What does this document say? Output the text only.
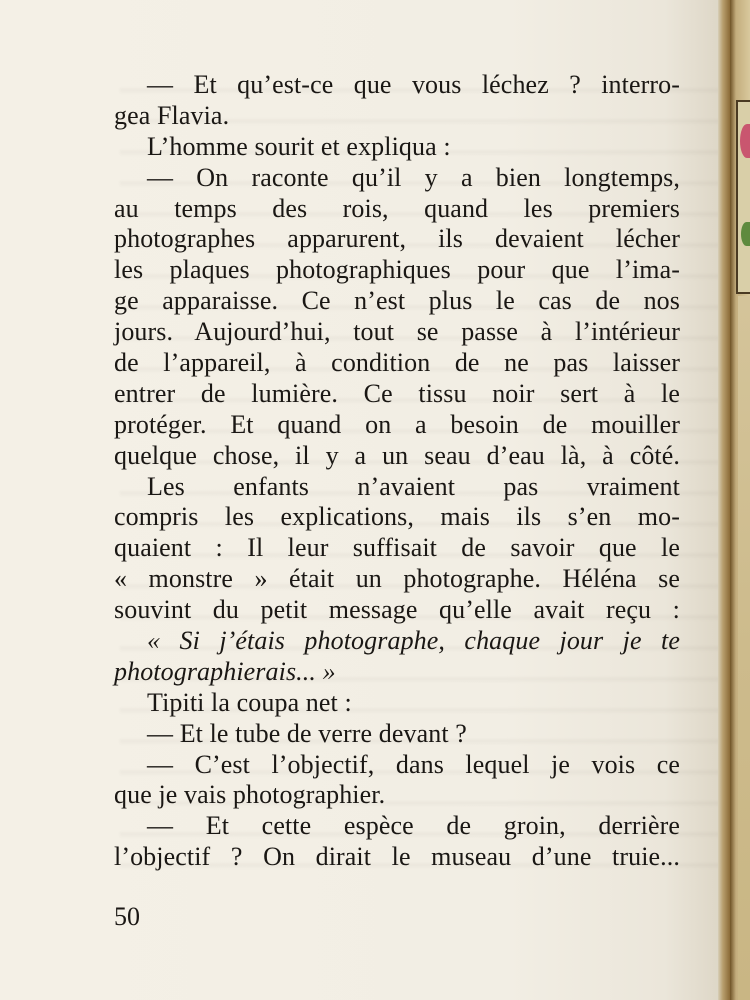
— Et qu’est-ce que vous léchez ? interro-
gea Flavia.
L’homme sourit et expliqua :
— On raconte qu’il y a bien longtemps,
au temps des rois, quand les premiers
photographes apparurent, ils devaient lécher
les plaques photographiques pour que l’ima-
ge apparaisse. Ce n’est plus le cas de nos
jours. Aujourd’hui, tout se passe à l’intérieur
de l’appareil, à condition de ne pas laisser
entrer de lumière. Ce tissu noir sert à le
protéger. Et quand on a besoin de mouiller
quelque chose, il y a un seau d’eau là, à côté.
Les enfants n’avaient pas vraiment
compris les explications, mais ils s’en mo-
quaient : Il leur suffisait de savoir que le
« monstre » était un photographe. Héléna se
souvint du petit message qu’elle avait reçu :
« Si j’étais photographe, chaque jour je te
photographierais... »
Tipiti la coupa net :
— Et le tube de verre devant ?
— C’est l’objectif, dans lequel je vois ce
que je vais photographier.
— Et cette espèce de groin, derrière
l’objectif ? On dirait le museau d’une truie...
50
